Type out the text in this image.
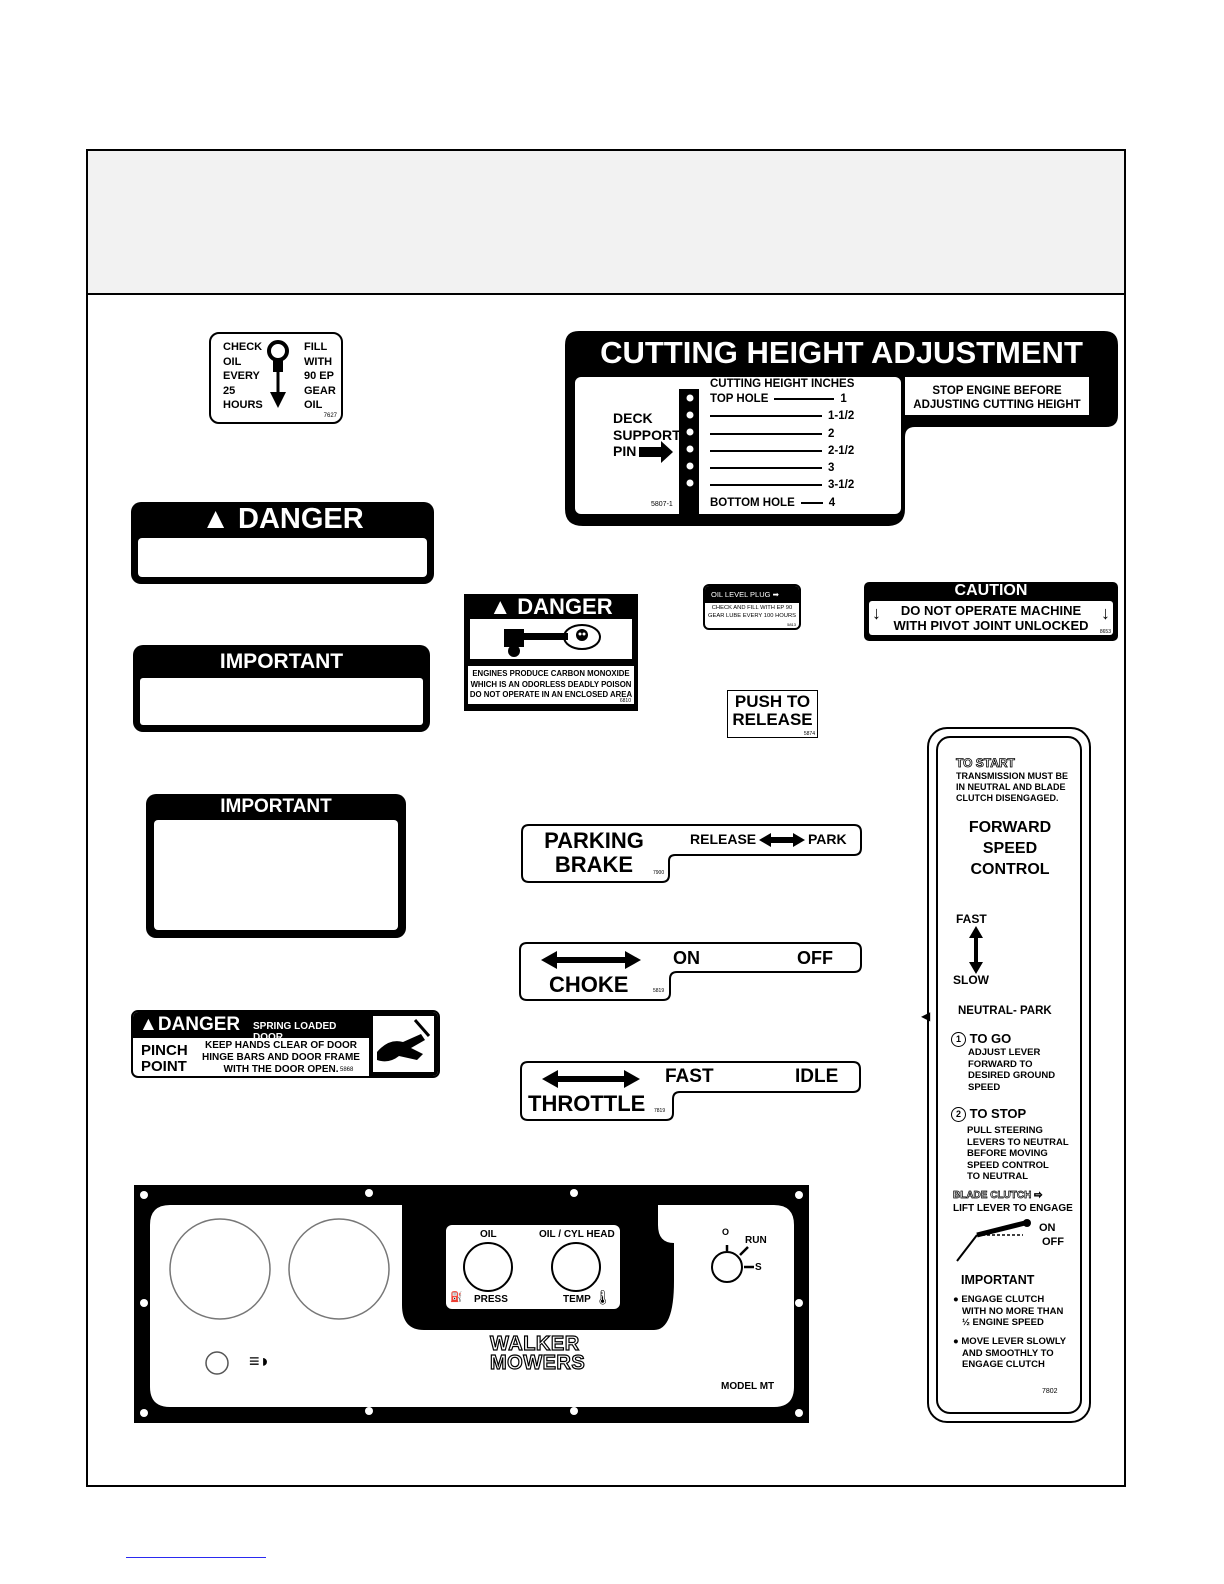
CHECK
OIL
EVERY
25
HOURS
FILL
WITH
90 EP
GEAR
OIL
7627
CUTTING HEIGHT ADJUSTMENT
▲ CAUTION
STOP ENGINE BEFORE
ADJUSTING CUTTING HEIGHT
DECK
SUPPORT
PIN
CUTTING HEIGHT INCHES
TOP HOLE	1
1-1/2
2
2-1/2
3
3-1/2
BOTTOM HOLE	4
5807-1
▲ DANGER
DO NOT OPERATE MOWER WITH
DECK IN TILT-UP POSITION	8647
▲ DANGER
ENGINES PRODUCE CARBON MONOXIDE
WHICH IS AN ODORLESS DEADLY POISON
DO NOT OPERATE IN AN ENCLOSED AREA
6810
OIL LEVEL PLUG ➡
CHECK AND FILL WITH EP 90
GEAR LUBE EVERY 100 HOURS
5813
CAUTION
↓	↓
DO NOT OPERATE MACHINE
WITH PIVOT JOINT UNLOCKED	8653
IMPORTANT
TIGHTEN BLADE MOUNTING NUTS TO 60 FT-LBS.
DO NOT UNDERTORQUE OR OVERTORQUE FOR PROPER
SHOCK LOAD PROTECTION. USE TORQUE WRENCH.
5860
PUSH TO
RELEASE
5874
IMPORTANT
WHEN GRASS IS DIRTY AND DAMP (ESPECIALLY
SPRINGTIME), INSIDE BLOWER HOUSING MAY
ACCUMULATE A DEPOSIT OF DIRT, CAUSING
WEAR AND BINDING OF BLOWER WHEEL.
UNDER THESE CONDITIONS, CHECK BLOWER
WHEEL FREQUENTLY FOR BINDING AND USE
PRESSURE WASHER TO CLEAN DEPOSITS--
BLOWER WHEEL MUST SPIN FREELY.
5819
PARKING
BRAKE
RELEASE	PARK
7900
CHOKE
ON	OFF
5819
THROTTLE
FAST	IDLE
7819
▲DANGER SPRING LOADED DOOR
PINCH
POINT
KEEP HANDS CLEAR OF DOOR
HINGE BARS AND DOOR FRAME
WITH THE DOOR OPEN. 5868
◀
TO START
TRANSMISSION MUST BE
IN NEUTRAL AND BLADE
CLUTCH DISENGAGED.
FORWARD
SPEED
CONTROL
FAST
SLOW
NEUTRAL- PARK
1 TO GO
ADJUST LEVER
FORWARD TO
DESIRED GROUND
SPEED
2 TO STOP
PULL STEERING
LEVERS TO NEUTRAL
BEFORE MOVING
SPEED CONTROL
TO NEUTRAL
BLADE CLUTCH ⇨
LIFT LEVER TO ENGAGE
ON
OFF
IMPORTANT
● ENGAGE CLUTCH
WITH NO MORE THAN
½ ENGINE SPEED
● MOVE LEVER SLOWLY
AND SMOOTHLY TO
ENGAGE CLUTCH
7802
≡◗
OIL	OIL / CYL HEAD
⛽ PRESS	TEMP 🌡
O
RUN
S
WALKER
MOWERS
MODEL MT
